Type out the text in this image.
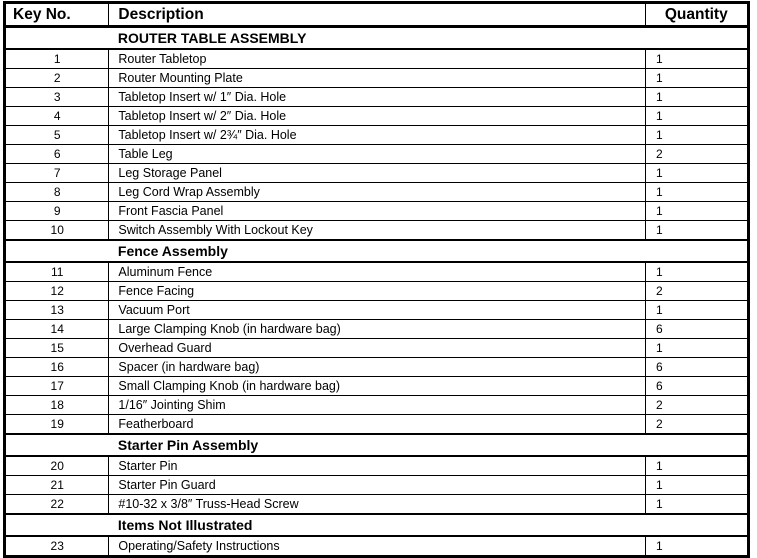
Key No.	Description	Quantity
	ROUTER TABLE ASSEMBLY	
1	Router Tabletop	1
2	Router Mounting Plate	1
3	Tabletop Insert w/ 1″ Dia. Hole	1
4	Tabletop Insert w/ 2″ Dia. Hole	1
5	Tabletop Insert w/ 2¾″ Dia. Hole	1
6	Table Leg	2
7	Leg Storage Panel	1
8	Leg Cord Wrap Assembly	1
9	Front Fascia Panel	1
10	Switch Assembly With Lockout Key	1
	Fence Assembly	
11	Aluminum Fence	1
12	Fence Facing	2
13	Vacuum Port	1
14	Large Clamping Knob (in hardware bag)	6
15	Overhead Guard	1
16	Spacer (in hardware bag)	6
17	Small Clamping Knob (in hardware bag)	6
18	1/16″ Jointing Shim	2
19	Featherboard	2
	Starter Pin Assembly	
20	Starter Pin	1
21	Starter Pin Guard	1
22	#10-32 x 3/8″ Truss-Head Screw	1
	Items Not Illustrated	
23	Operating/Safety Instructions	1
